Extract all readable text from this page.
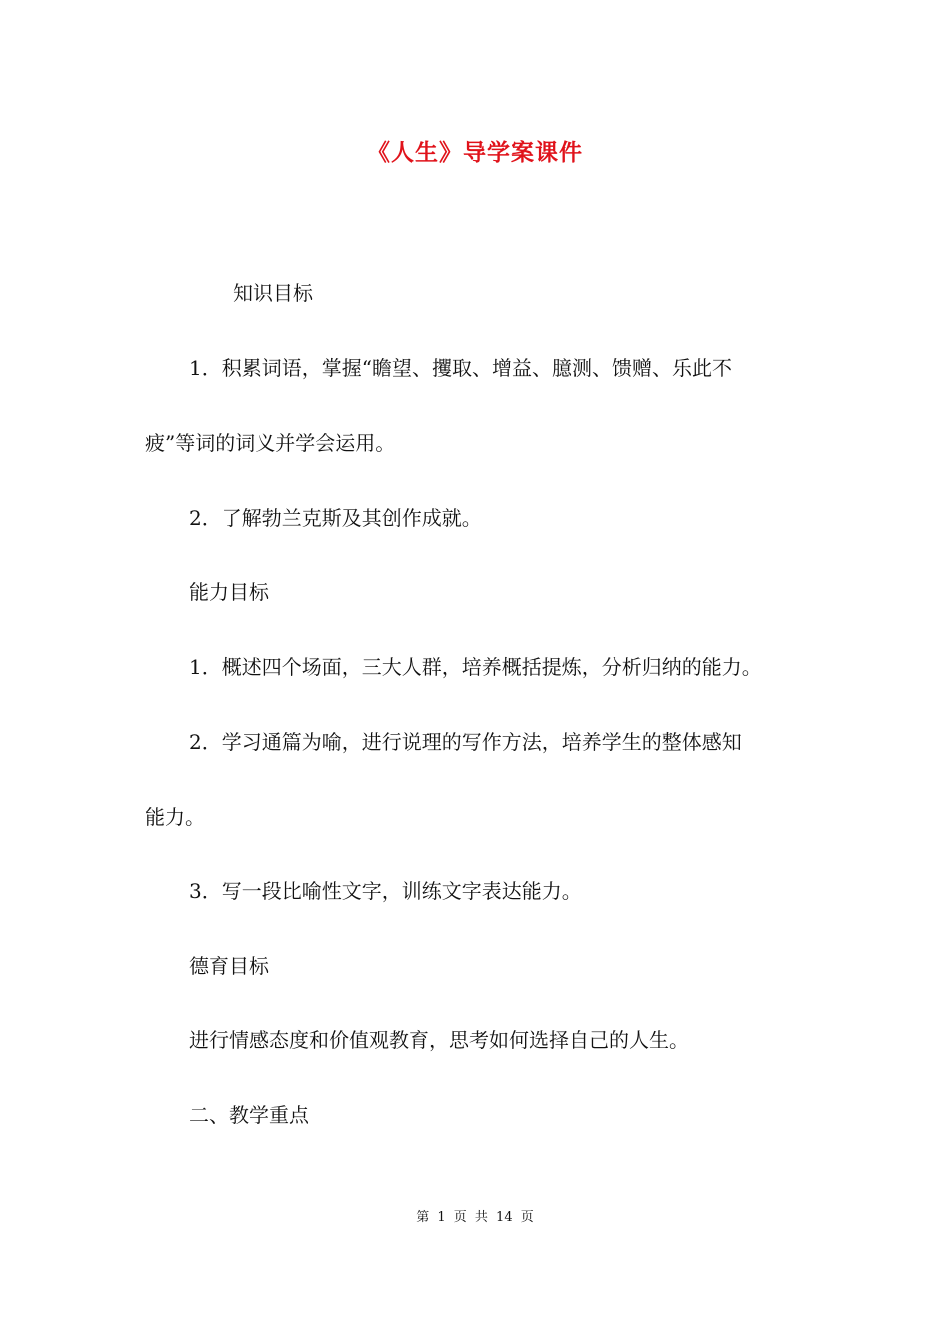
《人生》导学案课件
知识目标
1．积累词语，掌握“瞻望、攫取、增益、臆测、馈赠、乐此不
疲”等词的词义并学会运用。
2．了解勃兰克斯及其创作成就。
能力目标
1．概述四个场面，三大人群，培养概括提炼，分析归纳的能力。
2．学习通篇为喻，进行说理的写作方法，培养学生的整体感知
能力。
3．写一段比喻性文字，训练文字表达能力。
德育目标
进行情感态度和价值观教育，思考如何选择自己的人生。
二、教学重点
第 1 页 共 14 页
